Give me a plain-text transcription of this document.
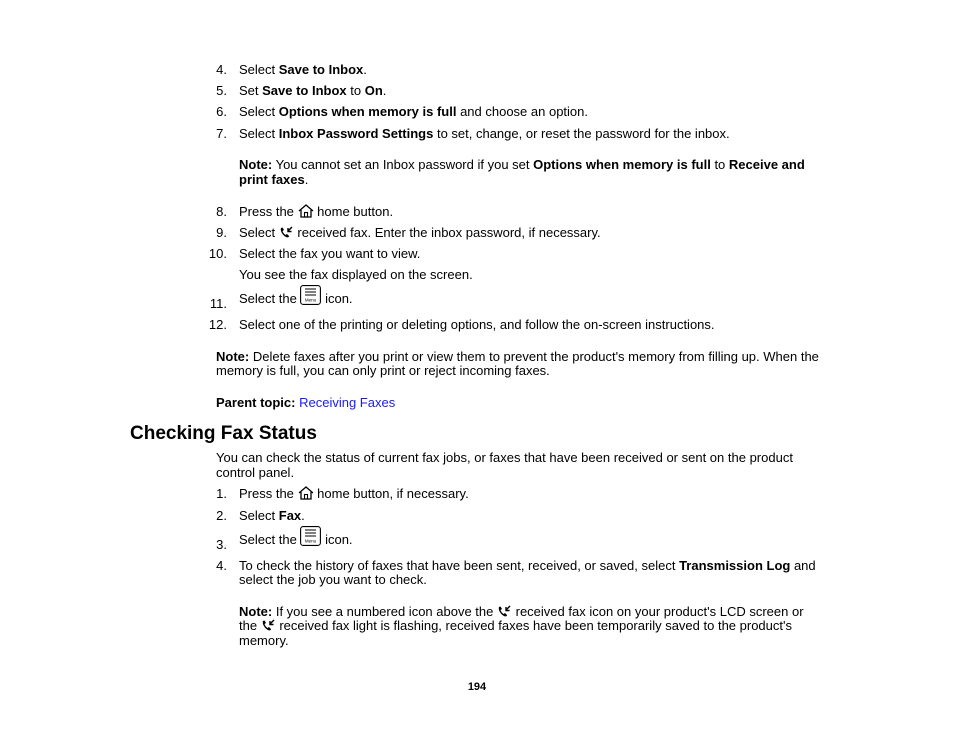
4. Select Save to Inbox.
5. Set Save to Inbox to On.
6. Select Options when memory is full and choose an option.
7. Select Inbox Password Settings to set, change, or reset the password for the inbox.
Note: You cannot set an Inbox password if you set Options when memory is full to Receive and
print faxes.
8. Press the home button.
9. Select received fax. Enter the inbox password, if necessary.
10. Select the fax you want to view.
You see the fax displayed on the screen.
11. Select the Menu icon.
12. Select one of the printing or deleting options, and follow the on-screen instructions.
Note: Delete faxes after you print or view them to prevent the product's memory from filling up. When the
memory is full, you can only print or reject incoming faxes.
Parent topic: Receiving Faxes
Checking Fax Status
You can check the status of current fax jobs, or faxes that have been received or sent on the product
control panel.
1. Press the home button, if necessary.
2. Select Fax.
3. Select the Menu icon.
4. To check the history of faxes that have been sent, received, or saved, select Transmission Log and
select the job you want to check.
Note: If you see a numbered icon above the received fax icon on your product's LCD screen or
the received fax light is flashing, received faxes have been temporarily saved to the product's
memory.
194
